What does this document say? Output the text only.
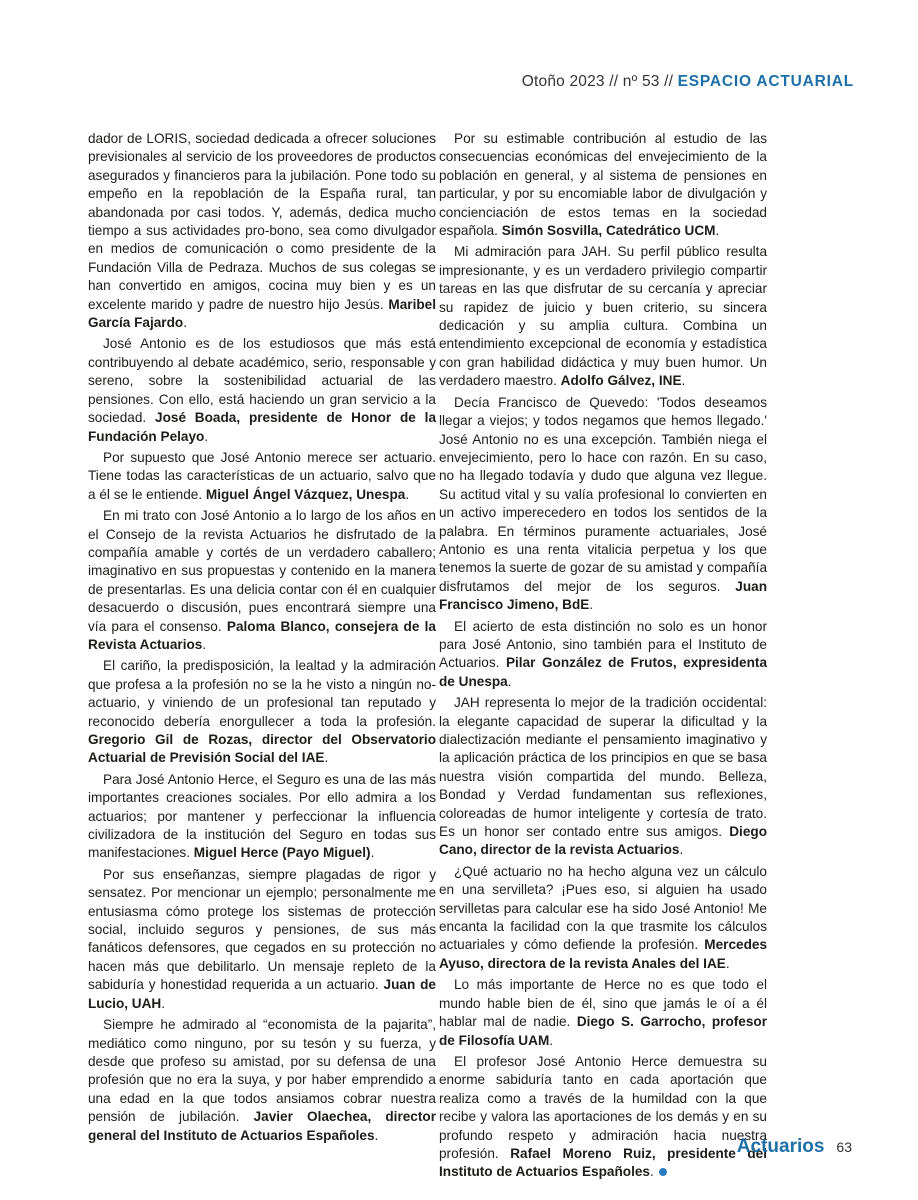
Otoño 2023 // nº 53 // ESPACIO ACTUARIAL

dador de LORIS, sociedad dedicada a ofrecer soluciones previsionales al servicio de los proveedores de productos asegurados y financieros para la jubilación. Pone todo su empeño en la repoblación de la España rural, tan abandonada por casi todos. Y, además, dedica mucho tiempo a sus actividades pro-bono, sea como divulgador en medios de comunicación o como presidente de la Fundación Villa de Pedraza. Muchos de sus colegas se han convertido en amigos, cocina muy bien y es un excelente marido y padre de nuestro hijo Jesús. Maribel García Fajardo.

José Antonio es de los estudiosos que más está contribuyendo al debate académico, serio, responsable y sereno, sobre la sostenibilidad actuarial de las pensiones. Con ello, está haciendo un gran servicio a la sociedad. José Boada, presidente de Honor de la Fundación Pelayo.

Por supuesto que José Antonio merece ser actuario. Tiene todas las características de un actuario, salvo que a él se le entiende. Miguel Ángel Vázquez, Unespa.

En mi trato con José Antonio a lo largo de los años en el Consejo de la revista Actuarios he disfrutado de la compañía amable y cortés de un verdadero caballero; imaginativo en sus propuestas y contenido en la manera de presentarlas. Es una delicia contar con él en cualquier desacuerdo o discusión, pues encontrará siempre una vía para el consenso. Paloma Blanco, consejera de la Revista Actuarios.

El cariño, la predisposición, la lealtad y la admiración que profesa a la profesión no se la he visto a ningún no-actuario, y viniendo de un profesional tan reputado y reconocido debería enorgullecer a toda la profesión. Gregorio Gil de Rozas, director del Observatorio Actuarial de Previsión Social del IAE.

Para José Antonio Herce, el Seguro es una de las más importantes creaciones sociales. Por ello admira a los actuarios; por mantener y perfeccionar la influencia civilizadora de la institución del Seguro en todas sus manifestaciones. Miguel Herce (Payo Miguel).

Por sus enseñanzas, siempre plagadas de rigor y sensatez. Por mencionar un ejemplo; personalmente me entusiasma cómo protege los sistemas de protección social, incluido seguros y pensiones, de sus más fanáticos defensores, que cegados en su protección no hacen más que debilitarlo. Un mensaje repleto de la sabiduría y honestidad requerida a un actuario. Juan de Lucio, UAH.

Siempre he admirado al “economista de la pajarita”, mediático como ninguno, por su tesón y su fuerza, y desde que profeso su amistad, por su defensa de una profesión que no era la suya, y por haber emprendido a una edad en la que todos ansiamos cobrar nuestra pensión de jubilación. Javier Olaechea, director general del Instituto de Actuarios Españoles.

Por su estimable contribución al estudio de las consecuencias económicas del envejecimiento de la población en general, y al sistema de pensiones en particular, y por su encomiable labor de divulgación y concienciación de estos temas en la sociedad española. Simón Sosvilla, Catedrático UCM.

Mi admiración para JAH. Su perfil público resulta impresionante, y es un verdadero privilegio compartir tareas en las que disfrutar de su cercanía y apreciar su rapidez de juicio y buen criterio, su sincera dedicación y su amplia cultura. Combina un entendimiento excepcional de economía y estadística con gran habilidad didáctica y muy buen humor. Un verdadero maestro. Adolfo Gálvez, INE.

Decía Francisco de Quevedo: 'Todos deseamos llegar a viejos; y todos negamos que hemos llegado.' José Antonio no es una excepción. También niega el envejecimiento, pero lo hace con razón. En su caso, no ha llegado todavía y dudo que alguna vez llegue. Su actitud vital y su valía profesional lo convierten en un activo imperecedero en todos los sentidos de la palabra. En términos puramente actuariales, José Antonio es una renta vitalicia perpetua y los que tenemos la suerte de gozar de su amistad y compañía disfrutamos del mejor de los seguros. Juan Francisco Jimeno, BdE.

El acierto de esta distinción no solo es un honor para José Antonio, sino también para el Instituto de Actuarios. Pilar González de Frutos, expresidenta de Unespa.

JAH representa lo mejor de la tradición occidental: la elegante capacidad de superar la dificultad y la dialectización mediante el pensamiento imaginativo y la aplicación práctica de los principios en que se basa nuestra visión compartida del mundo. Belleza, Bondad y Verdad fundamentan sus reflexiones, coloreadas de humor inteligente y cortesía de trato. Es un honor ser contado entre sus amigos. Diego Cano, director de la revista Actuarios.

¿Qué actuario no ha hecho alguna vez un cálculo en una servilleta? ¡Pues eso, si alguien ha usado servilletas para calcular ese ha sido José Antonio! Me encanta la facilidad con la que trasmite los cálculos actuariales y cómo defiende la profesión. Mercedes Ayuso, directora de la revista Anales del IAE.

Lo más importante de Herce no es que todo el mundo hable bien de él, sino que jamás le oí a él hablar mal de nadie. Diego S. Garrocho, profesor de Filosofía UAM.

El profesor José Antonio Herce demuestra su enorme sabiduría tanto en cada aportación que realiza como a través de la humildad con la que recibe y valora las aportaciones de los demás y en su profundo respeto y admiración hacia nuestra profesión. Rafael Moreno Ruiz, presidente del Instituto de Actuarios Españoles.

Actuarios 63
